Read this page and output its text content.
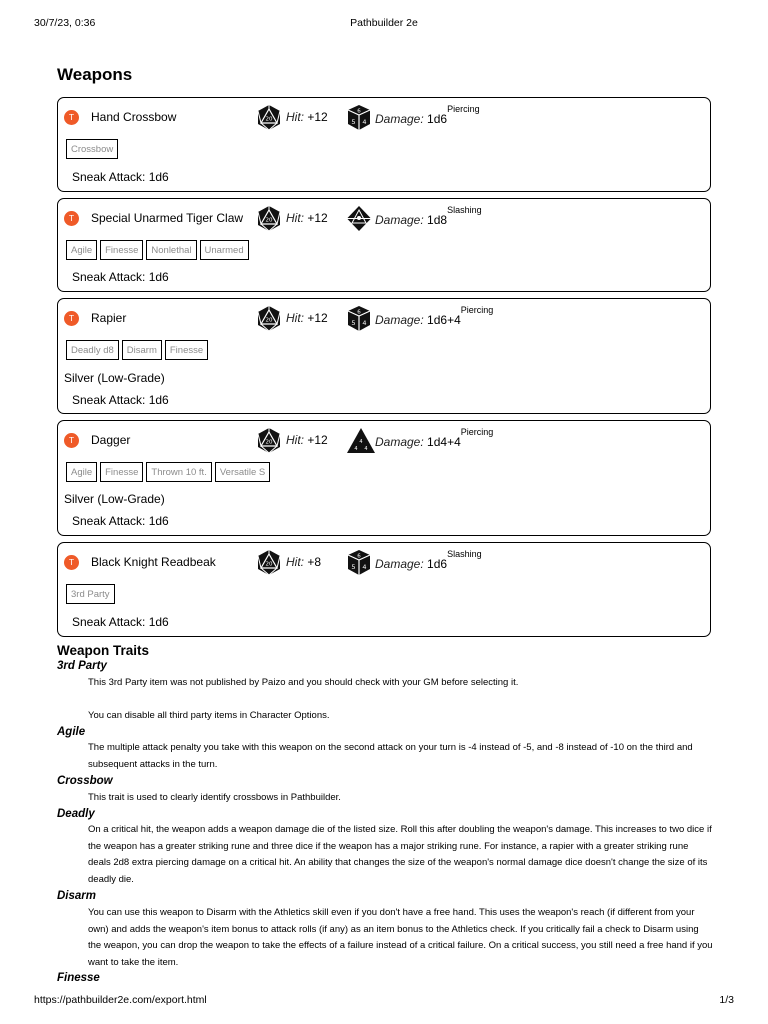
30/7/23, 0:36	Pathbuilder 2e
Weapons
T	Hand Crossbow	Hit: +12	Damage: $1d6^{Piercing}$
Crossbow
Sneak Attack: 1d6
T	Special Unarmed Tiger Claw	Hit: +12	Damage: $1d8^{Slashing}$
Agile	Finesse	Nonlethal	Unarmed
Sneak Attack: 1d6
T	Rapier	Hit: +12	Damage: $1d6+4^{Piercing}$
Deadly d8	Disarm	Finesse
Silver (Low-Grade)
Sneak Attack: 1d6
T	Dagger	Hit: +12	Damage: $1d4+4^{Piercing}$
Agile	Finesse	Thrown 10 ft.	Versatile S
Silver (Low-Grade)
Sneak Attack: 1d6
T	Black Knight Readbeak	Hit: +8	Damage: $1d6^{Slashing}$
3rd Party
Sneak Attack: 1d6
Weapon Traits
3rd Party

This 3rd Party item was not published by Paizo and you should check with your GM before selecting it.

You can disable all third party items in Character Options.

Agile

The multiple attack penalty you take with this weapon on the second attack on your turn is -4 instead of -5, and -8 instead of -10 on the third and subsequent attacks in the turn.

Crossbow

This trait is used to clearly identify crossbows in Pathbuilder.

Deadly

On a critical hit, the weapon adds a weapon damage die of the listed size. Roll this after doubling the weapon's damage. This increases to two dice if the weapon has a greater striking rune and three dice if the weapon has a major striking rune. For instance, a rapier with a greater striking rune deals 2d8 extra piercing damage on a critical hit. An ability that changes the size of the weapon's normal damage dice doesn't change the size of its deadly die.

Disarm

You can use this weapon to Disarm with the Athletics skill even if you don't have a free hand. This uses the weapon's reach (if different from your own) and adds the weapon's item bonus to attack rolls (if any) as an item bonus to the Athletics check. If you critically fail a check to Disarm using the weapon, you can drop the weapon to take the effects of a failure instead of a critical failure. On a critical success, you still need a free hand if you want to take the item.

Finesse
https://pathbuilder2e.com/export.html	1/3
